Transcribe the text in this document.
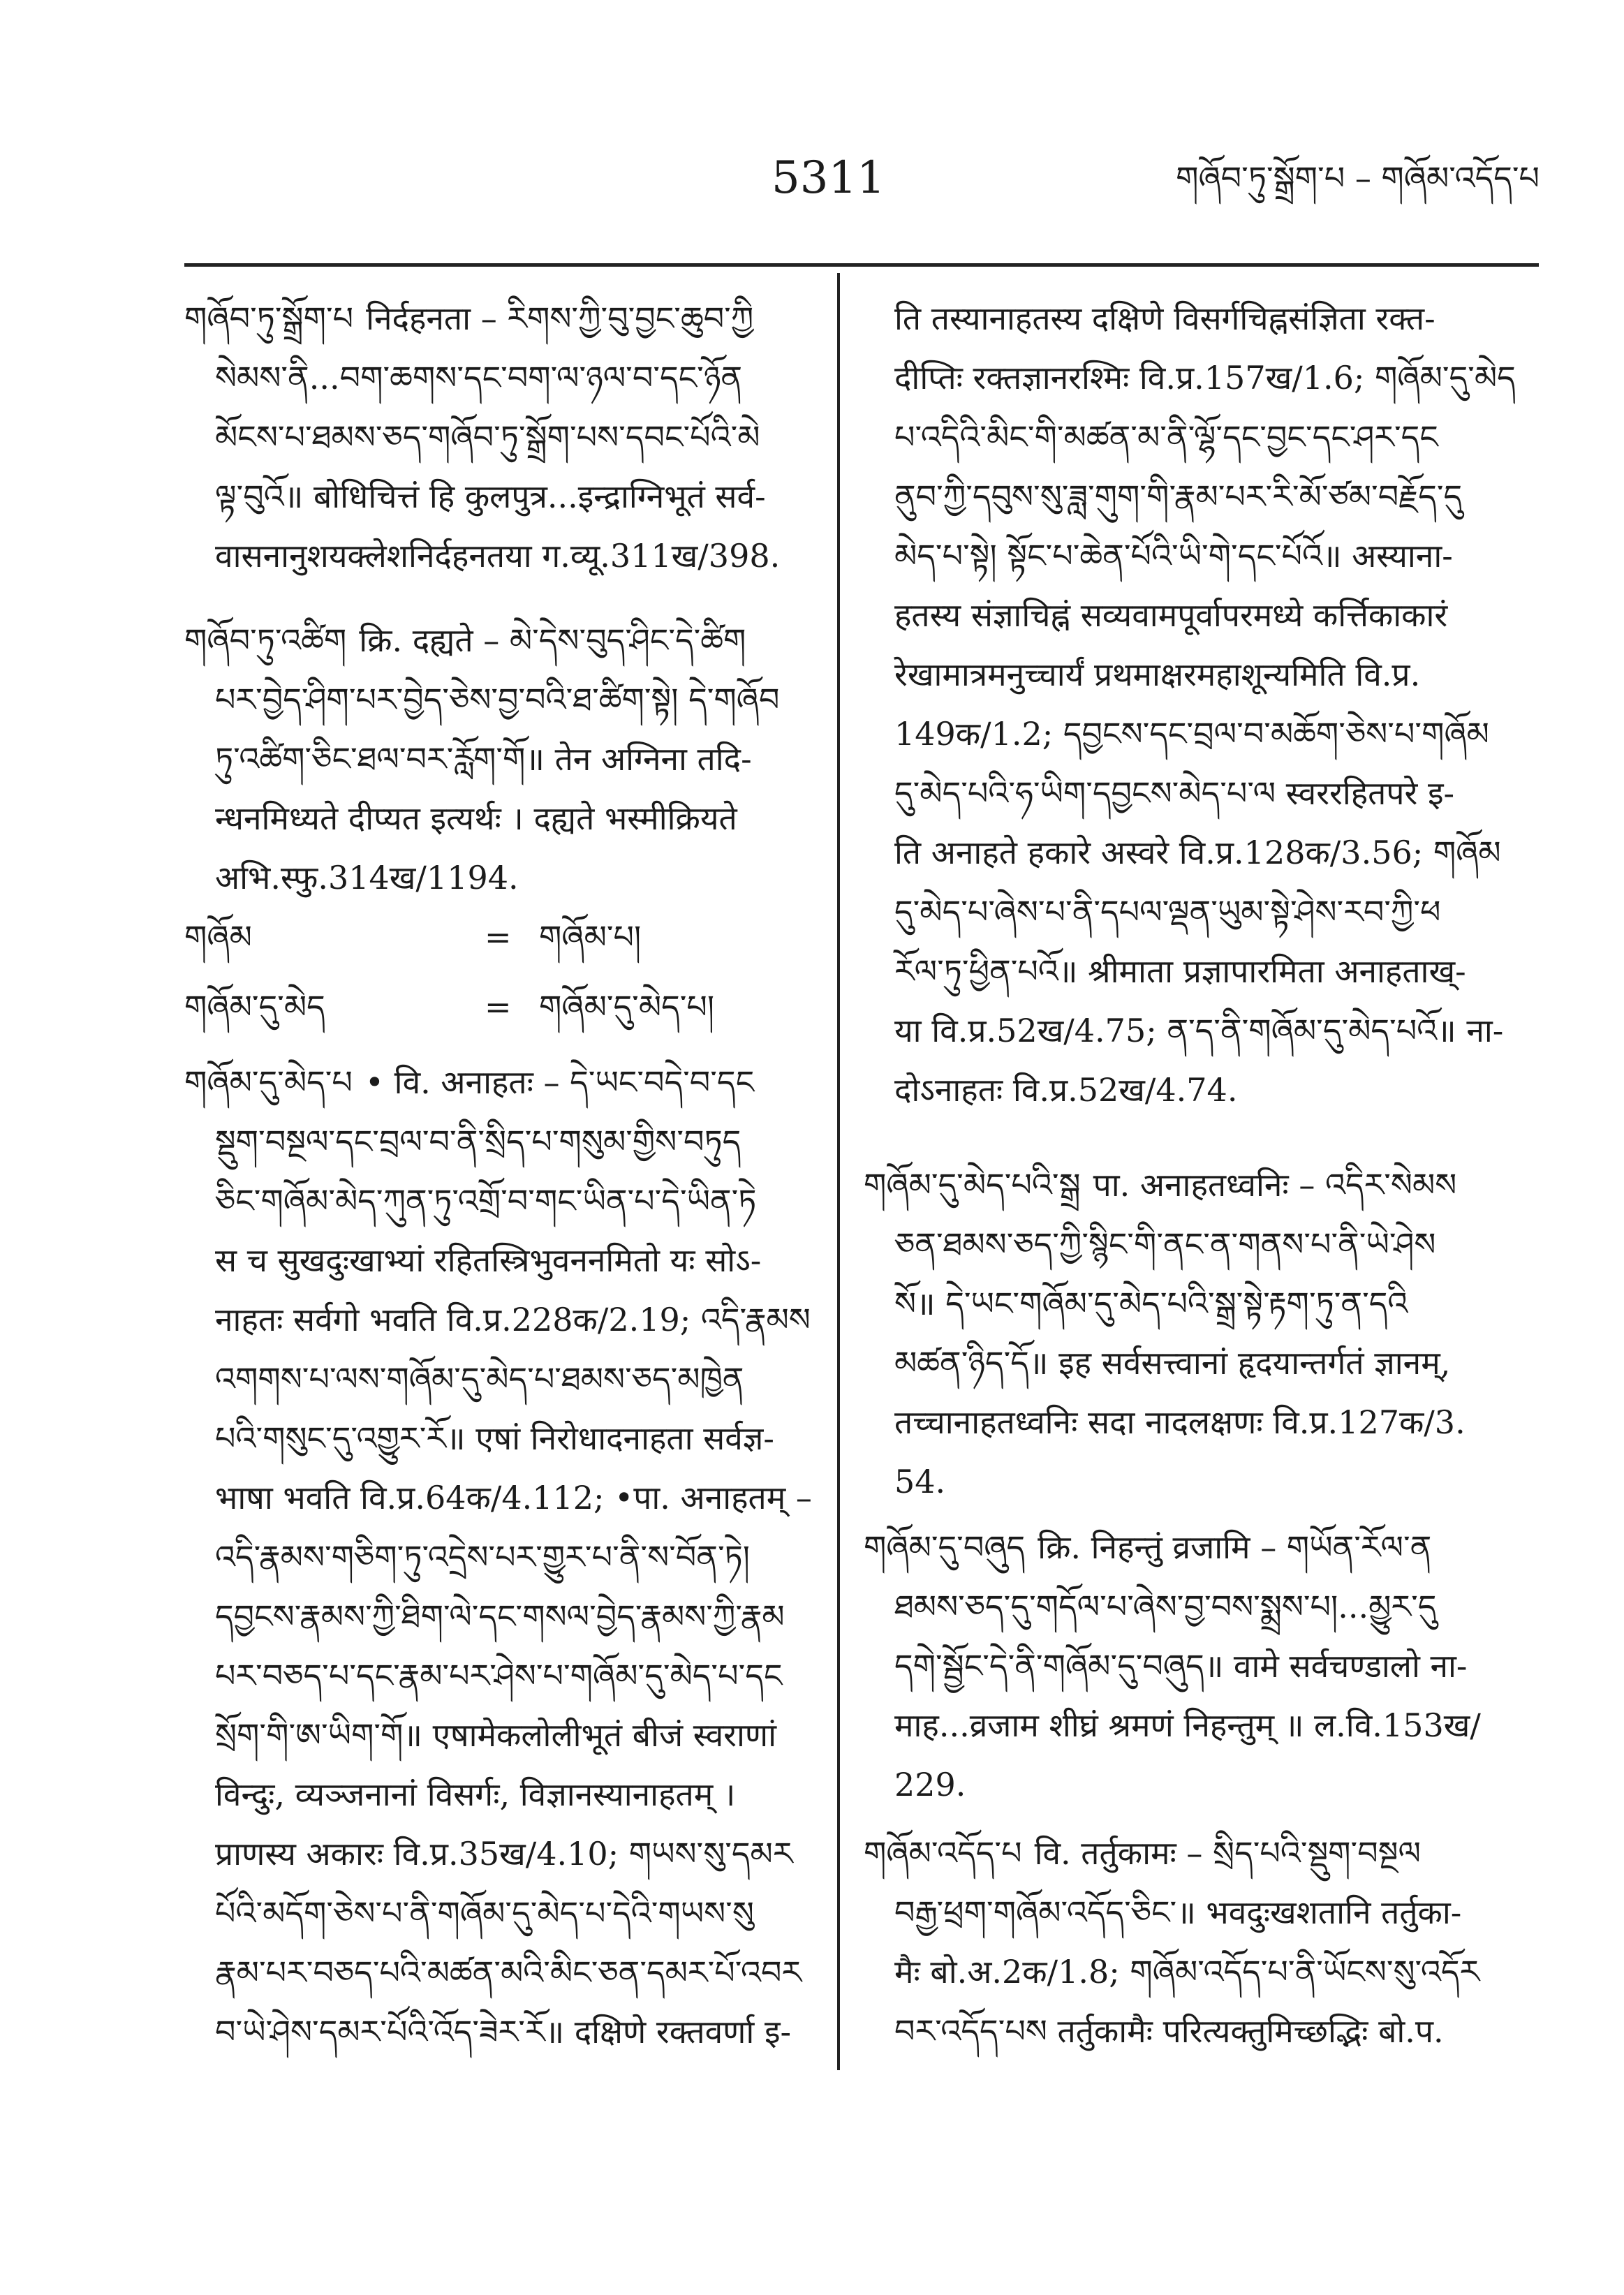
5311	གཞོབ་ཏུ་སྒྲོག་པ – གཞོམ་འདོད་པ
གཞོབ་ཏུ་སྒྲོག་པ निर्दहनता – རིགས་ཀྱི་བུ་བྱང་ཆུབ་ཀྱི
སེམས་ནི...བག་ཆགས་དང་བག་ལ་ཉལ་བ་དང་ཉོན
མོངས་པ་ཐམས་ཅད་གཞོབ་ཏུ་སྒྲོག་པས་དབང་པོའི་མེ
ལྟ་བུའོ॥ बोधिचित्तं हि कुलपुत्र...इन्द्राग्निभूतं सर्व-
वासनानुशयक्लेशनिर्दहनतया ग.व्यू.311ख/398.
གཞོབ་ཏུ་འཚིག क्रि. दह्यते – མེ་དེས་བུད་ཤིང་དེ་ཚིག
པར་བྱེད་ཤིག་པར་བྱེད་ཅེས་བྱ་བའི་ཐ་ཚིག་སྟེ། དེ་གཞོབ
ཏུ་འཚིག་ཅིང་ཐལ་བར་རློག་གོ॥ तेन अग्निना तदि-
न्धनमिध्यते दीप्यत इत्यर्थः । दह्यते भस्मीक्रियते
अभि.स्फु.314ख/1194.
གཞོམ	= གཞོམ་པ།
གཞོམ་དུ་མེད	= གཞོམ་དུ་མེད་པ།
གཞོམ་དུ་མེད་པ • वि. अनाहतः – དེ་ཡང་བདེ་བ་དང
སྡུག་བསྔལ་དང་བྲལ་བ་ནི་སྲིད་པ་གསུམ་གྱིས་བཏུད
ཅིང་གཞོམ་མེད་ཀུན་ཏུ་འགྲོ་བ་གང་ཡིན་པ་དེ་ཡིན་ཏེ
स च सुखदुःखाभ्यां रहितस्त्रिभुवननमितो यः सोऽ-
नाहतः सर्वगो भवति वि.प्र.228क/2.19; འདི་རྣམས
འགགས་པ་ལས་གཞོམ་དུ་མེད་པ་ཐམས་ཅད་མཁྱེན
པའི་གསུང་དུ་འགྱུར་རོ॥ एषां निरोधादनाहता सर्वज्ञ-
भाषा भवति वि.प्र.64क/4.112; •पा. अनाहतम् –
འདི་རྣམས་གཅིག་ཏུ་འདྲེས་པར་གྱུར་པ་ནི་ས་བོན་ཏེ།
དབྱངས་རྣམས་ཀྱི་ཐིག་ལེ་དང་གསལ་བྱེད་རྣམས་ཀྱི་རྣམ
པར་བཅད་པ་དང་རྣམ་པར་ཤེས་པ་གཞོམ་དུ་མེད་པ་དང
སྲོག་གི་ཨ་ཡིག་གོ॥ एषामेकलोलीभूतं बीजं स्वराणां
विन्दुः, व्यञ्जनानां विसर्गः, विज्ञानस्यानाहतम् ।
प्राणस्य अकारः वि.प्र.35ख/4.10; གཡས་སུ་དམར
པོའི་མདོག་ཅེས་པ་ནི་གཞོམ་དུ་མེད་པ་དེའི་གཡས་སུ
རྣམ་པར་བཅད་པའི་མཚན་མའི་མིང་ཅན་དམར་པོ་འབར
བ་ཡེ་ཤེས་དམར་པོའི་འོད་ཟེར་རོ॥ दक्षिणे रक्तवर्णा इ-
ति तस्यानाहतस्य दक्षिणे विसर्गचिह्नसंज्ञिता रक्त-
दीप्तिः रक्तज्ञानरश्मिः वि.प्र.157ख/1.6; གཞོམ་དུ་མེད
པ་འདིའི་མིང་གི་མཚན་མ་ནི་ལྷོ་དང་བྱང་དང་ཤར་དང
ནུབ་ཀྱི་དབུས་སུ་ཟླ་གུག་གི་རྣམ་པར་རི་མོ་ཙམ་བརྗོད་དུ
མེད་པ་སྟེ། སྟོང་པ་ཆེན་པོའི་ཡི་གེ་དང་པོའོ॥ अस्याना-
हतस्य संज्ञाचिह्नं सव्यवामपूर्वापरमध्ये कर्त्तिकाकारं
रेखामात्रमनुच्चार्यं प्रथमाक्षरमहाशून्यमिति वि.प्र.
149क/1.2; དབྱངས་དང་བྲལ་བ་མཆོག་ཅེས་པ་གཞོམ
དུ་མེད་པའི་ཧ་ཡིག་དབྱངས་མེད་པ་ལ स्वररहितपरे इ-
ति अनाहते हकारे अस्वरे वि.प्र.128क/3.56; གཞོམ
དུ་མེད་པ་ཞེས་པ་ནི་དཔལ་ལྡན་ཡུམ་སྟེ་ཤེས་རབ་ཀྱི་ཕ
རོལ་ཏུ་ཕྱིན་པའོ॥ श्रीमाता प्रज्ञापारमिता अनाहताख्-
या वि.प्र.52ख/4.75; ན་ད་ནི་གཞོམ་དུ་མེད་པའོ॥ ना-
दोऽनाहतः वि.प्र.52ख/4.74.
གཞོམ་དུ་མེད་པའི་སྒྲ पा. अनाहतध्वनिः – འདིར་སེམས
ཅན་ཐམས་ཅད་ཀྱི་སྙིང་གི་ནང་ན་གནས་པ་ནི་ཡེ་ཤེས
སོ॥ དེ་ཡང་གཞོམ་དུ་མེད་པའི་སྒྲ་སྟེ་རྟག་ཏུ་ན་དའི
མཚན་ཉིད་དོ॥ इह सर्वसत्त्वानां हृदयान्तर्गतं ज्ञानम्,
तच्चानाहतध्वनिः सदा नादलक्षणः वि.प्र.127क/3.
54.
གཞོམ་དུ་བཞུད क्रि. निहन्तुं व्रजामि – གཡོན་རོལ་ན
ཐམས་ཅད་དུ་གདོལ་པ་ཞེས་བྱ་བས་སྨྲས་པ།...མྱུར་དུ
དགེ་སྦྱོང་དེ་ནི་གཞོམ་དུ་བཞུད॥ वामे सर्वचण्डालो ना-
माह...व्रजाम शीघ्रं श्रमणं निहन्तुम् ॥ ल.वि.153ख/
229.
གཞོམ་འདོད་པ वि. तर्तुकामः – སྲིད་པའི་སྡུག་བསྔལ
བརྒྱ་ཕྲག་གཞོམ་འདོད་ཅིང་॥ भवदुःखशतानि तर्तुका-
मैः बो.अ.2क/1.8; གཞོམ་འདོད་པ་ནི་ཡོངས་སུ་འདོར
བར་འདོད་པས तर्तुकामैः परित्यक्तुमिच्छद्भिः बो.प.
